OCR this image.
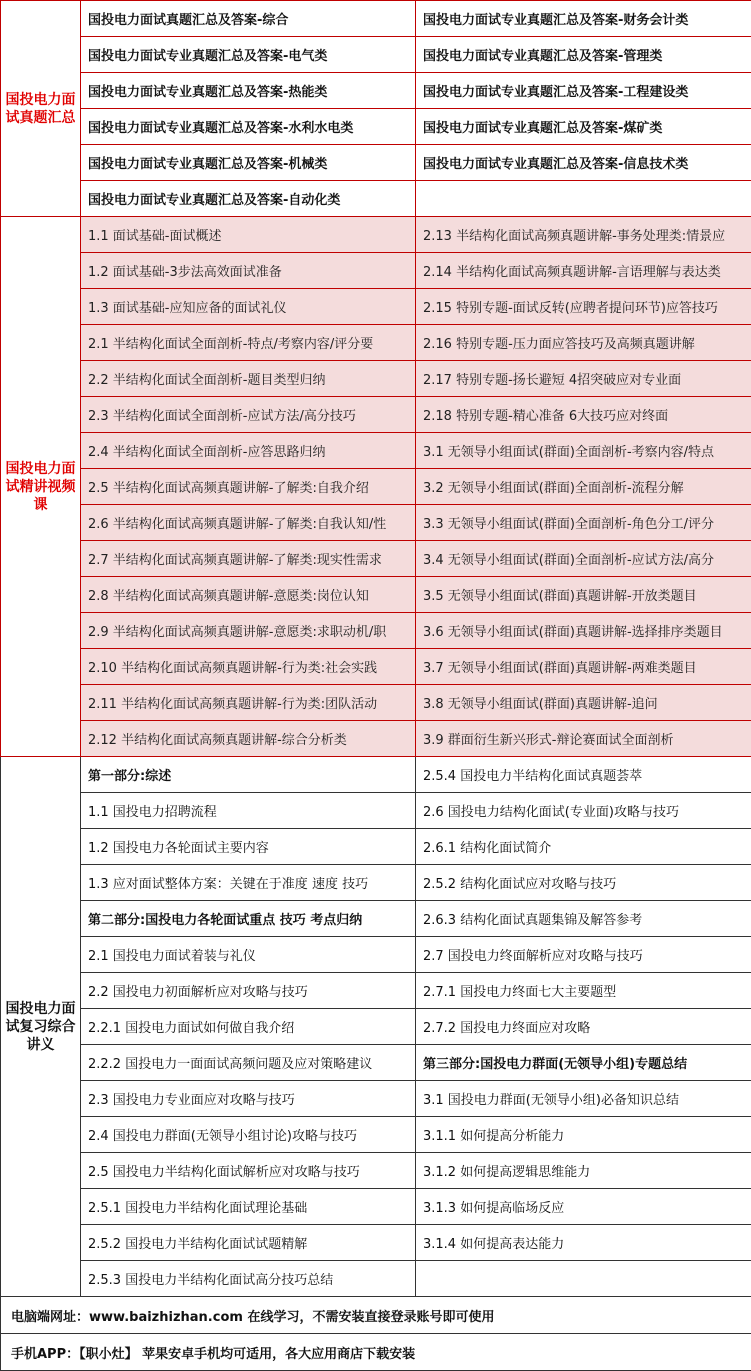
国投电力面试真题汇总	国投电力面试真题汇总及答案-综合	国投电力面试专业真题汇总及答案-财务会计类
	国投电力面试专业真题汇总及答案-电气类	国投电力面试专业真题汇总及答案-管理类
	国投电力面试专业真题汇总及答案-热能类	国投电力面试专业真题汇总及答案-工程建设类
	国投电力面试专业真题汇总及答案-水利水电类	国投电力面试专业真题汇总及答案-煤矿类
	国投电力面试专业真题汇总及答案-机械类	国投电力面试专业真题汇总及答案-信息技术类
	国投电力面试专业真题汇总及答案-自动化类	
国投电力面试精讲视频课	1.1 面试基础-面试概述	2.13 半结构化面试高频真题讲解-事务处理类:情景应
	1.2 面试基础-3步法高效面试准备	2.14 半结构化面试高频真题讲解-言语理解与表达类
	1.3 面试基础-应知应备的面试礼仪	2.15 特别专题-面试反转(应聘者提问环节)应答技巧
	2.1 半结构化面试全面剖析-特点/考察内容/评分要	2.16 特别专题-压力面应答技巧及高频真题讲解
	2.2 半结构化面试全面剖析-题目类型归纳	2.17 特别专题-扬长避短 4招突破应对专业面
	2.3 半结构化面试全面剖析-应试方法/高分技巧	2.18 特别专题-精心准备 6大技巧应对终面
	2.4 半结构化面试全面剖析-应答思路归纳	3.1 无领导小组面试(群面)全面剖析-考察内容/特点
	2.5 半结构化面试高频真题讲解-了解类:自我介绍	3.2 无领导小组面试(群面)全面剖析-流程分解
	2.6 半结构化面试高频真题讲解-了解类:自我认知/性	3.3 无领导小组面试(群面)全面剖析-角色分工/评分
	2.7 半结构化面试高频真题讲解-了解类:现实性需求	3.4 无领导小组面试(群面)全面剖析-应试方法/高分
	2.8 半结构化面试高频真题讲解-意愿类:岗位认知	3.5 无领导小组面试(群面)真题讲解-开放类题目
	2.9 半结构化面试高频真题讲解-意愿类:求职动机/职	3.6 无领导小组面试(群面)真题讲解-选择排序类题目
	2.10 半结构化面试高频真题讲解-行为类:社会实践	3.7 无领导小组面试(群面)真题讲解-两难类题目
	2.11 半结构化面试高频真题讲解-行为类:团队活动	3.8 无领导小组面试(群面)真题讲解-追问
	2.12 半结构化面试高频真题讲解-综合分析类	3.9 群面衍生新兴形式-辩论赛面试全面剖析
国投电力面试复习综合讲义	第一部分:综述	2.5.4 国投电力半结构化面试真题荟萃
	1.1 国投电力招聘流程	2.6 国投电力结构化面试(专业面)攻略与技巧
	1.2 国投电力各轮面试主要内容	2.6.1 结构化面试简介
	1.3 应对面试整体方案：关键在于准度 速度 技巧	2.5.2 结构化面试应对攻略与技巧
	第二部分:国投电力各轮面试重点 技巧 考点归纳	2.6.3 结构化面试真题集锦及解答参考
	2.1 国投电力面试着装与礼仪	2.7 国投电力终面解析应对攻略与技巧
	2.2 国投电力初面解析应对攻略与技巧	2.7.1 国投电力终面七大主要题型
	2.2.1 国投电力面试如何做自我介绍	2.7.2 国投电力终面应对攻略
	2.2.2 国投电力一面面试高频问题及应对策略建议	第三部分:国投电力群面(无领导小组)专题总结
	2.3 国投电力专业面应对攻略与技巧	3.1 国投电力群面(无领导小组)必备知识总结
	2.4 国投电力群面(无领导小组讨论)攻略与技巧	3.1.1 如何提高分析能力
	2.5 国投电力半结构化面试解析应对攻略与技巧	3.1.2 如何提高逻辑思维能力
	2.5.1 国投电力半结构化面试理论基础	3.1.3 如何提高临场反应
	2.5.2 国投电力半结构化面试试题精解	3.1.4 如何提高表达能力
	2.5.3 国投电力半结构化面试高分技巧总结	
电脑端网址：www.baizhizhan.com 在线学习，不需安装直接登录账号即可使用		
手机APP：【职小灶】 苹果安卓手机均可适用，各大应用商店下载安装		
